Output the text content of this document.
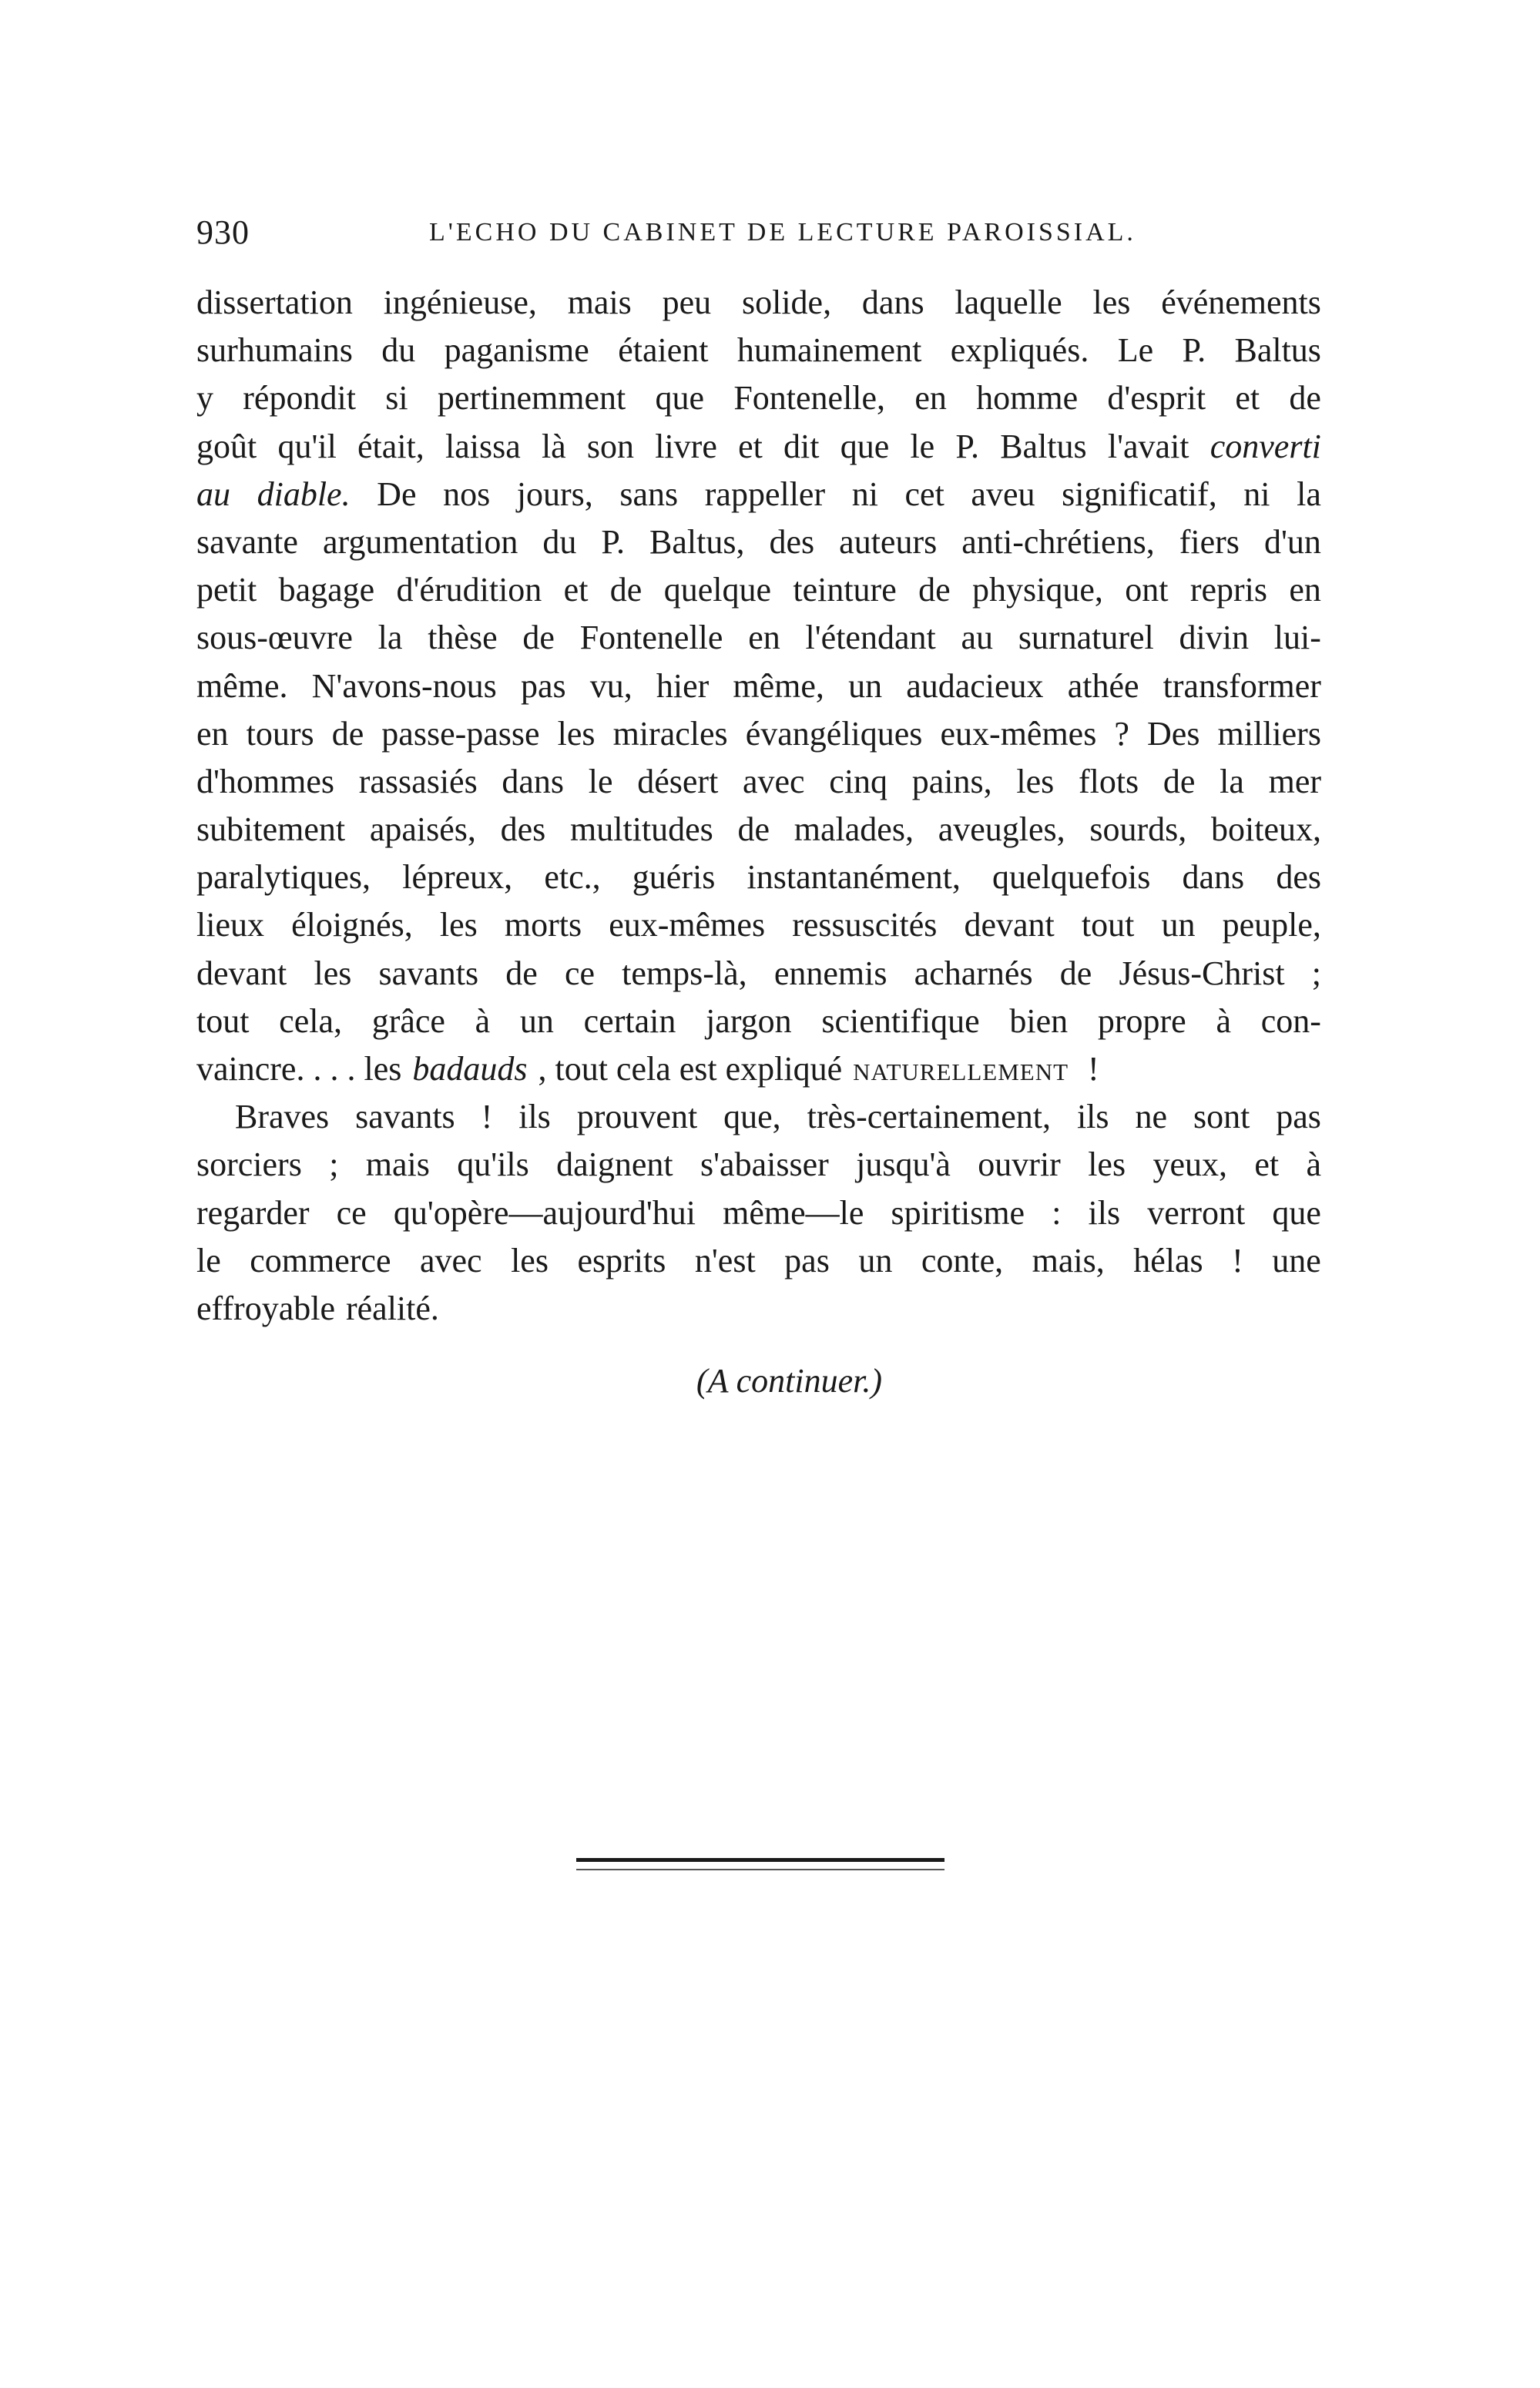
930	L'ECHO DU CABINET DE LECTURE PAROISSIAL.
dissertation ingénieuse, mais peu solide, dans laquelle les événements
surhumains du paganisme étaient humainement expliqués. Le P. Baltus
y répondit si pertinemment que Fontenelle, en homme d'esprit et de
goût qu'il était, laissa là son livre et dit que le P. Baltus l'avait converti
au diable. De nos jours, sans rappeller ni cet aveu significatif, ni la
savante argumentation du P. Baltus, des auteurs anti-chrétiens, fiers d'un
petit bagage d'érudition et de quelque teinture de physique, ont repris en
sous-œuvre la thèse de Fontenelle en l'étendant au surnaturel divin lui-
même. N'avons-nous pas vu, hier même, un audacieux athée transformer
en tours de passe-passe les miracles évangéliques eux-mêmes ? Des milliers
d'hommes rassasiés dans le désert avec cinq pains, les flots de la mer
subitement apaisés, des multitudes de malades, aveugles, sourds, boiteux,
paralytiques, lépreux, etc., guéris instantanément, quelquefois dans des
lieux éloignés, les morts eux-mêmes ressuscités devant tout un peuple,
devant les savants de ce temps-là, ennemis acharnés de Jésus-Christ ;
tout cela, grâce à un certain jargon scientifique bien propre à con-
vaincre. . . . les badauds , tout cela est expliqué naturellement !
Braves savants ! ils prouvent que, très-certainement, ils ne sont pas
sorciers ; mais qu'ils daignent s'abaisser jusqu'à ouvrir les yeux, et à
regarder ce qu'opère—aujourd'hui même—le spiritisme : ils verront que
le commerce avec les esprits n'est pas un conte, mais, hélas ! une
effroyable réalité.
(A continuer.)
